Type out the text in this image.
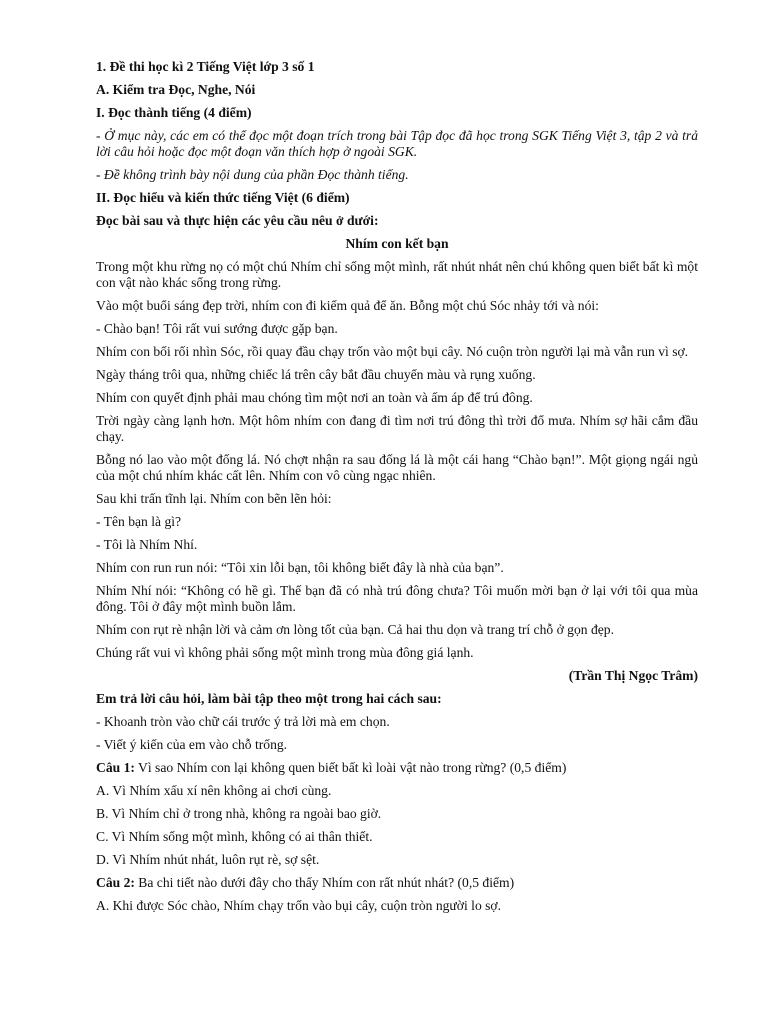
1. Đề thi học kì 2 Tiếng Việt lớp 3 số 1
A. Kiểm tra Đọc, Nghe, Nói
I. Đọc thành tiếng (4 điểm)
- Ở mục này, các em có thể đọc một đoạn trích trong bài Tập đọc đã học trong SGK Tiếng Việt 3, tập 2 và trả lời câu hỏi hoặc đọc một đoạn văn thích hợp ở ngoài SGK.
- Đề không trình bày nội dung của phần Đọc thành tiếng.
II. Đọc hiểu và kiến thức tiếng Việt (6 điểm)
Đọc bài sau và thực hiện các yêu cầu nêu ở dưới:
Nhím con kết bạn
Trong một khu rừng nọ có một chú Nhím chỉ sống một mình, rất nhút nhát nên chú không quen biết bất kì một con vật nào khác sống trong rừng.
Vào một buổi sáng đẹp trời, nhím con đi kiếm quả để ăn. Bỗng một chú Sóc nhảy tới và nói:
- Chào bạn! Tôi rất vui sướng được gặp bạn.
Nhím con bối rối nhìn Sóc, rồi quay đầu chạy trốn vào một bụi cây. Nó cuộn tròn người lại mà vẫn run vì sợ.
Ngày tháng trôi qua, những chiếc lá trên cây bắt đầu chuyển màu và rụng xuống.
Nhím con quyết định phải mau chóng tìm một nơi an toàn và ấm áp để trú đông.
Trời ngày càng lạnh hơn. Một hôm nhím con đang đi tìm nơi trú đông thì trời đổ mưa. Nhím sợ hãi cắm đầu chạy.
Bỗng nó lao vào một đống lá. Nó chợt nhận ra sau đống lá là một cái hang “Chào bạn!”. Một giọng ngái ngủ của một chú nhím khác cất lên. Nhím con vô cùng ngạc nhiên.
Sau khi trấn tĩnh lại. Nhím con bẽn lẽn hỏi:
- Tên bạn là gì?
- Tôi là Nhím Nhí.
Nhím con run run nói: “Tôi xin lỗi bạn, tôi không biết đây là nhà của bạn”.
Nhím Nhí nói: “Không có hề gì. Thế bạn đã có nhà trú đông chưa? Tôi muốn mời bạn ở lại với tôi qua mùa đông. Tôi ở đây một mình buồn lắm.
Nhím con rụt rè nhận lời và cảm ơn lòng tốt của bạn. Cả hai thu dọn và trang trí chỗ ở gọn đẹp.
Chúng rất vui vì không phải sống một mình trong mùa đông giá lạnh.
(Trần Thị Ngọc Trâm)
Em trả lời câu hỏi, làm bài tập theo một trong hai cách sau:
- Khoanh tròn vào chữ cái trước ý trả lời mà em chọn.
- Viết ý kiến của em vào chỗ trống.
Câu 1: Vì sao Nhím con lại không quen biết bất kì loài vật nào trong rừng? (0,5 điểm)
A. Vì Nhím xấu xí nên không ai chơi cùng.
B. Vì Nhím chỉ ở trong nhà, không ra ngoài bao giờ.
C. Vì Nhím sống một mình, không có ai thân thiết.
D. Vì Nhím nhút nhát, luôn rụt rè, sợ sệt.
Câu 2: Ba chi tiết nào dưới đây cho thấy Nhím con rất nhút nhát? (0,5 điểm)
A. Khi được Sóc chào, Nhím chạy trốn vào bụi cây, cuộn tròn người lo sợ.
